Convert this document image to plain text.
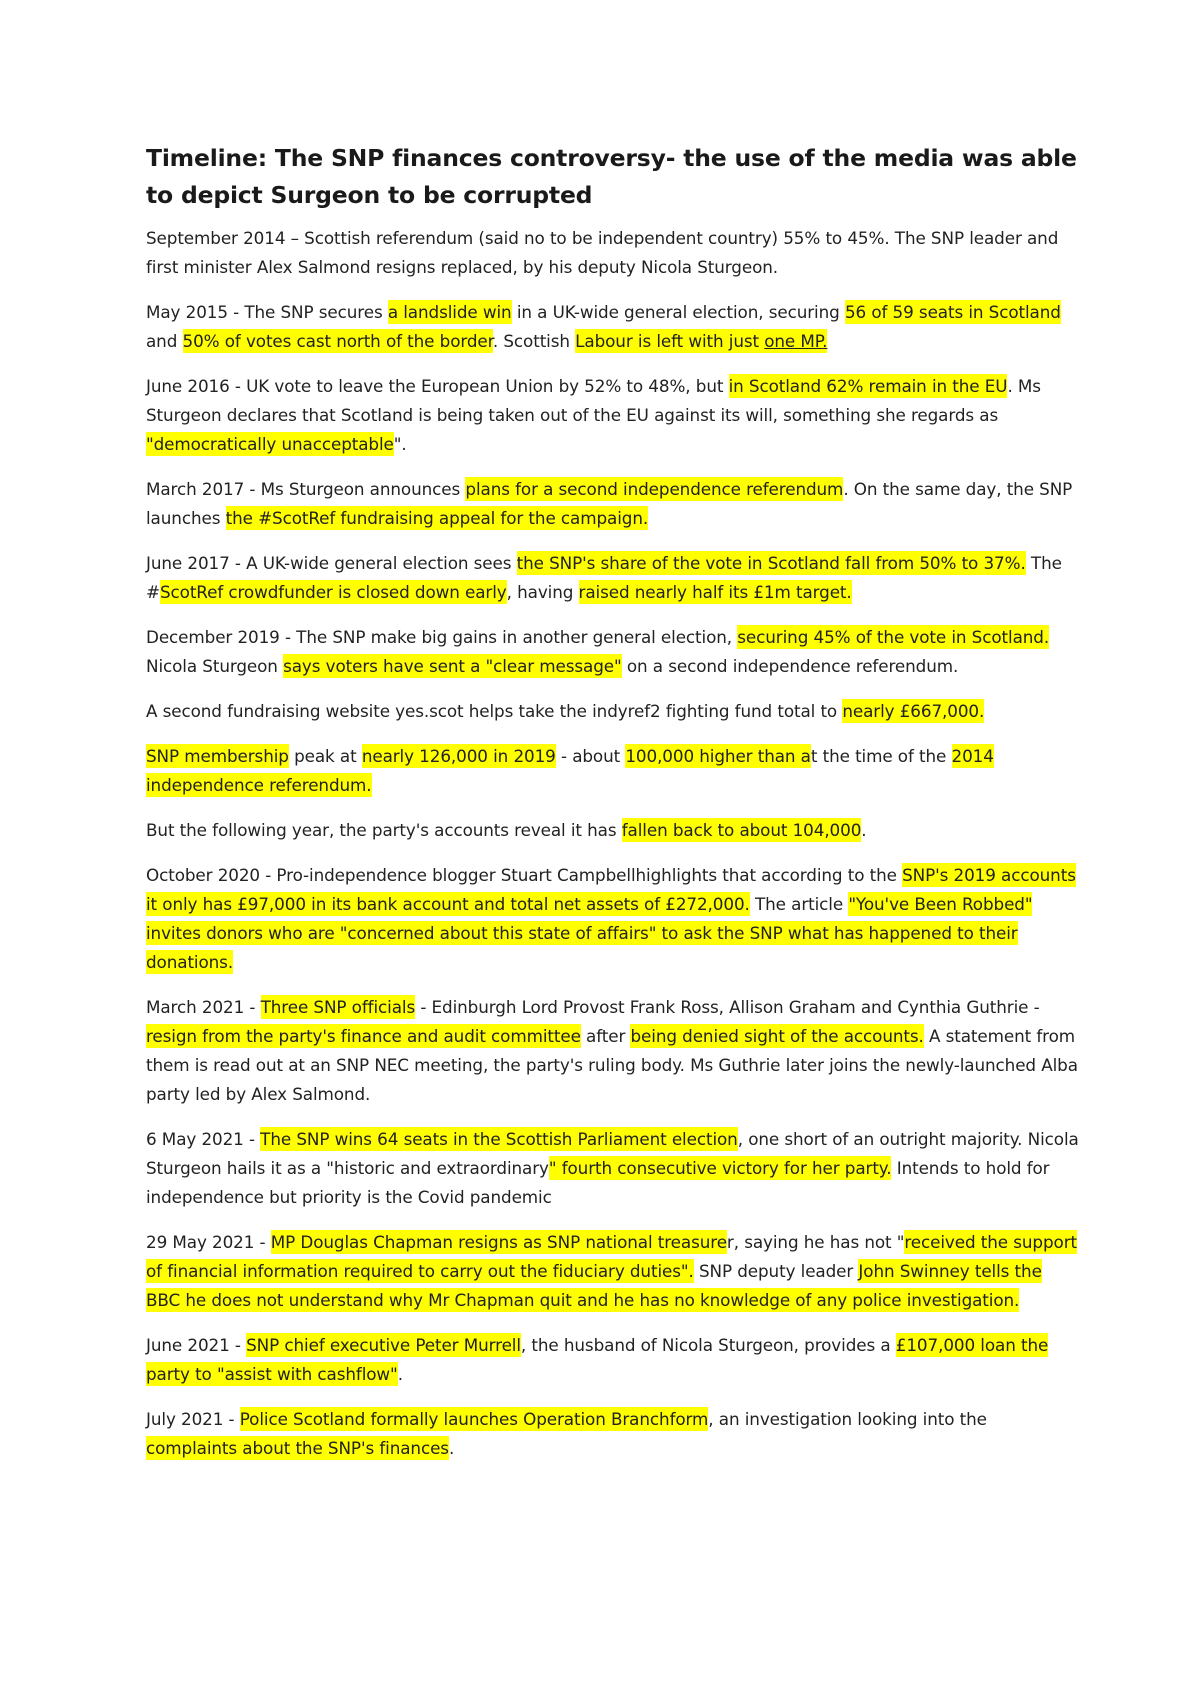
Timeline: The SNP finances controversy- the use of the media was able to depict Surgeon to be corrupted

September 2014 – Scottish referendum (said no to be independent country) 55% to 45%. The SNP leader and first minister Alex Salmond resigns replaced, by his deputy Nicola Sturgeon.

May 2015 - The SNP secures a landslide win in a UK-wide general election, securing 56 of 59 seats in Scotland and 50% of votes cast north of the border. Scottish Labour is left with just one MP.

June 2016 - UK vote to leave the European Union by 52% to 48%, but in Scotland 62% remain in the EU. Ms Sturgeon declares that Scotland is being taken out of the EU against its will, something she regards as "democratically unacceptable".

March 2017 - Ms Sturgeon announces plans for a second independence referendum. On the same day, the SNP launches the #ScotRef fundraising appeal for the campaign.

June 2017 - A UK-wide general election sees the SNP's share of the vote in Scotland fall from 50% to 37%. The #ScotRef crowdfunder is closed down early, having raised nearly half its £1m target.

December 2019 - The SNP make big gains in another general election, securing 45% of the vote in Scotland. Nicola Sturgeon says voters have sent a "clear message" on a second independence referendum.

A second fundraising website yes.scot helps take the indyref2 fighting fund total to nearly £667,000.

SNP membership peak at nearly 126,000 in 2019 - about 100,000 higher than at the time of the 2014 independence referendum.

But the following year, the party's accounts reveal it has fallen back to about 104,000.

October 2020 - Pro-independence blogger Stuart Campbellhighlights that according to the SNP's 2019 accounts it only has £97,000 in its bank account and total net assets of £272,000. The article "You've Been Robbed" invites donors who are "concerned about this state of affairs" to ask the SNP what has happened to their donations.

March 2021 - Three SNP officials - Edinburgh Lord Provost Frank Ross, Allison Graham and Cynthia Guthrie - resign from the party's finance and audit committee after being denied sight of the accounts. A statement from them is read out at an SNP NEC meeting, the party's ruling body. Ms Guthrie later joins the newly-launched Alba party led by Alex Salmond.

6 May 2021 - The SNP wins 64 seats in the Scottish Parliament election, one short of an outright majority. Nicola Sturgeon hails it as a "historic and extraordinary" fourth consecutive victory for her party. Intends to hold for independence but priority is the Covid pandemic

29 May 2021 - MP Douglas Chapman resigns as SNP national treasurer, saying he has not "received the support of financial information required to carry out the fiduciary duties". SNP deputy leader John Swinney tells the BBC he does not understand why Mr Chapman quit and he has no knowledge of any police investigation.

June 2021 - SNP chief executive Peter Murrell, the husband of Nicola Sturgeon, provides a £107,000 loan the party to "assist with cashflow".

July 2021 - Police Scotland formally launches Operation Branchform, an investigation looking into the complaints about the SNP's finances.
